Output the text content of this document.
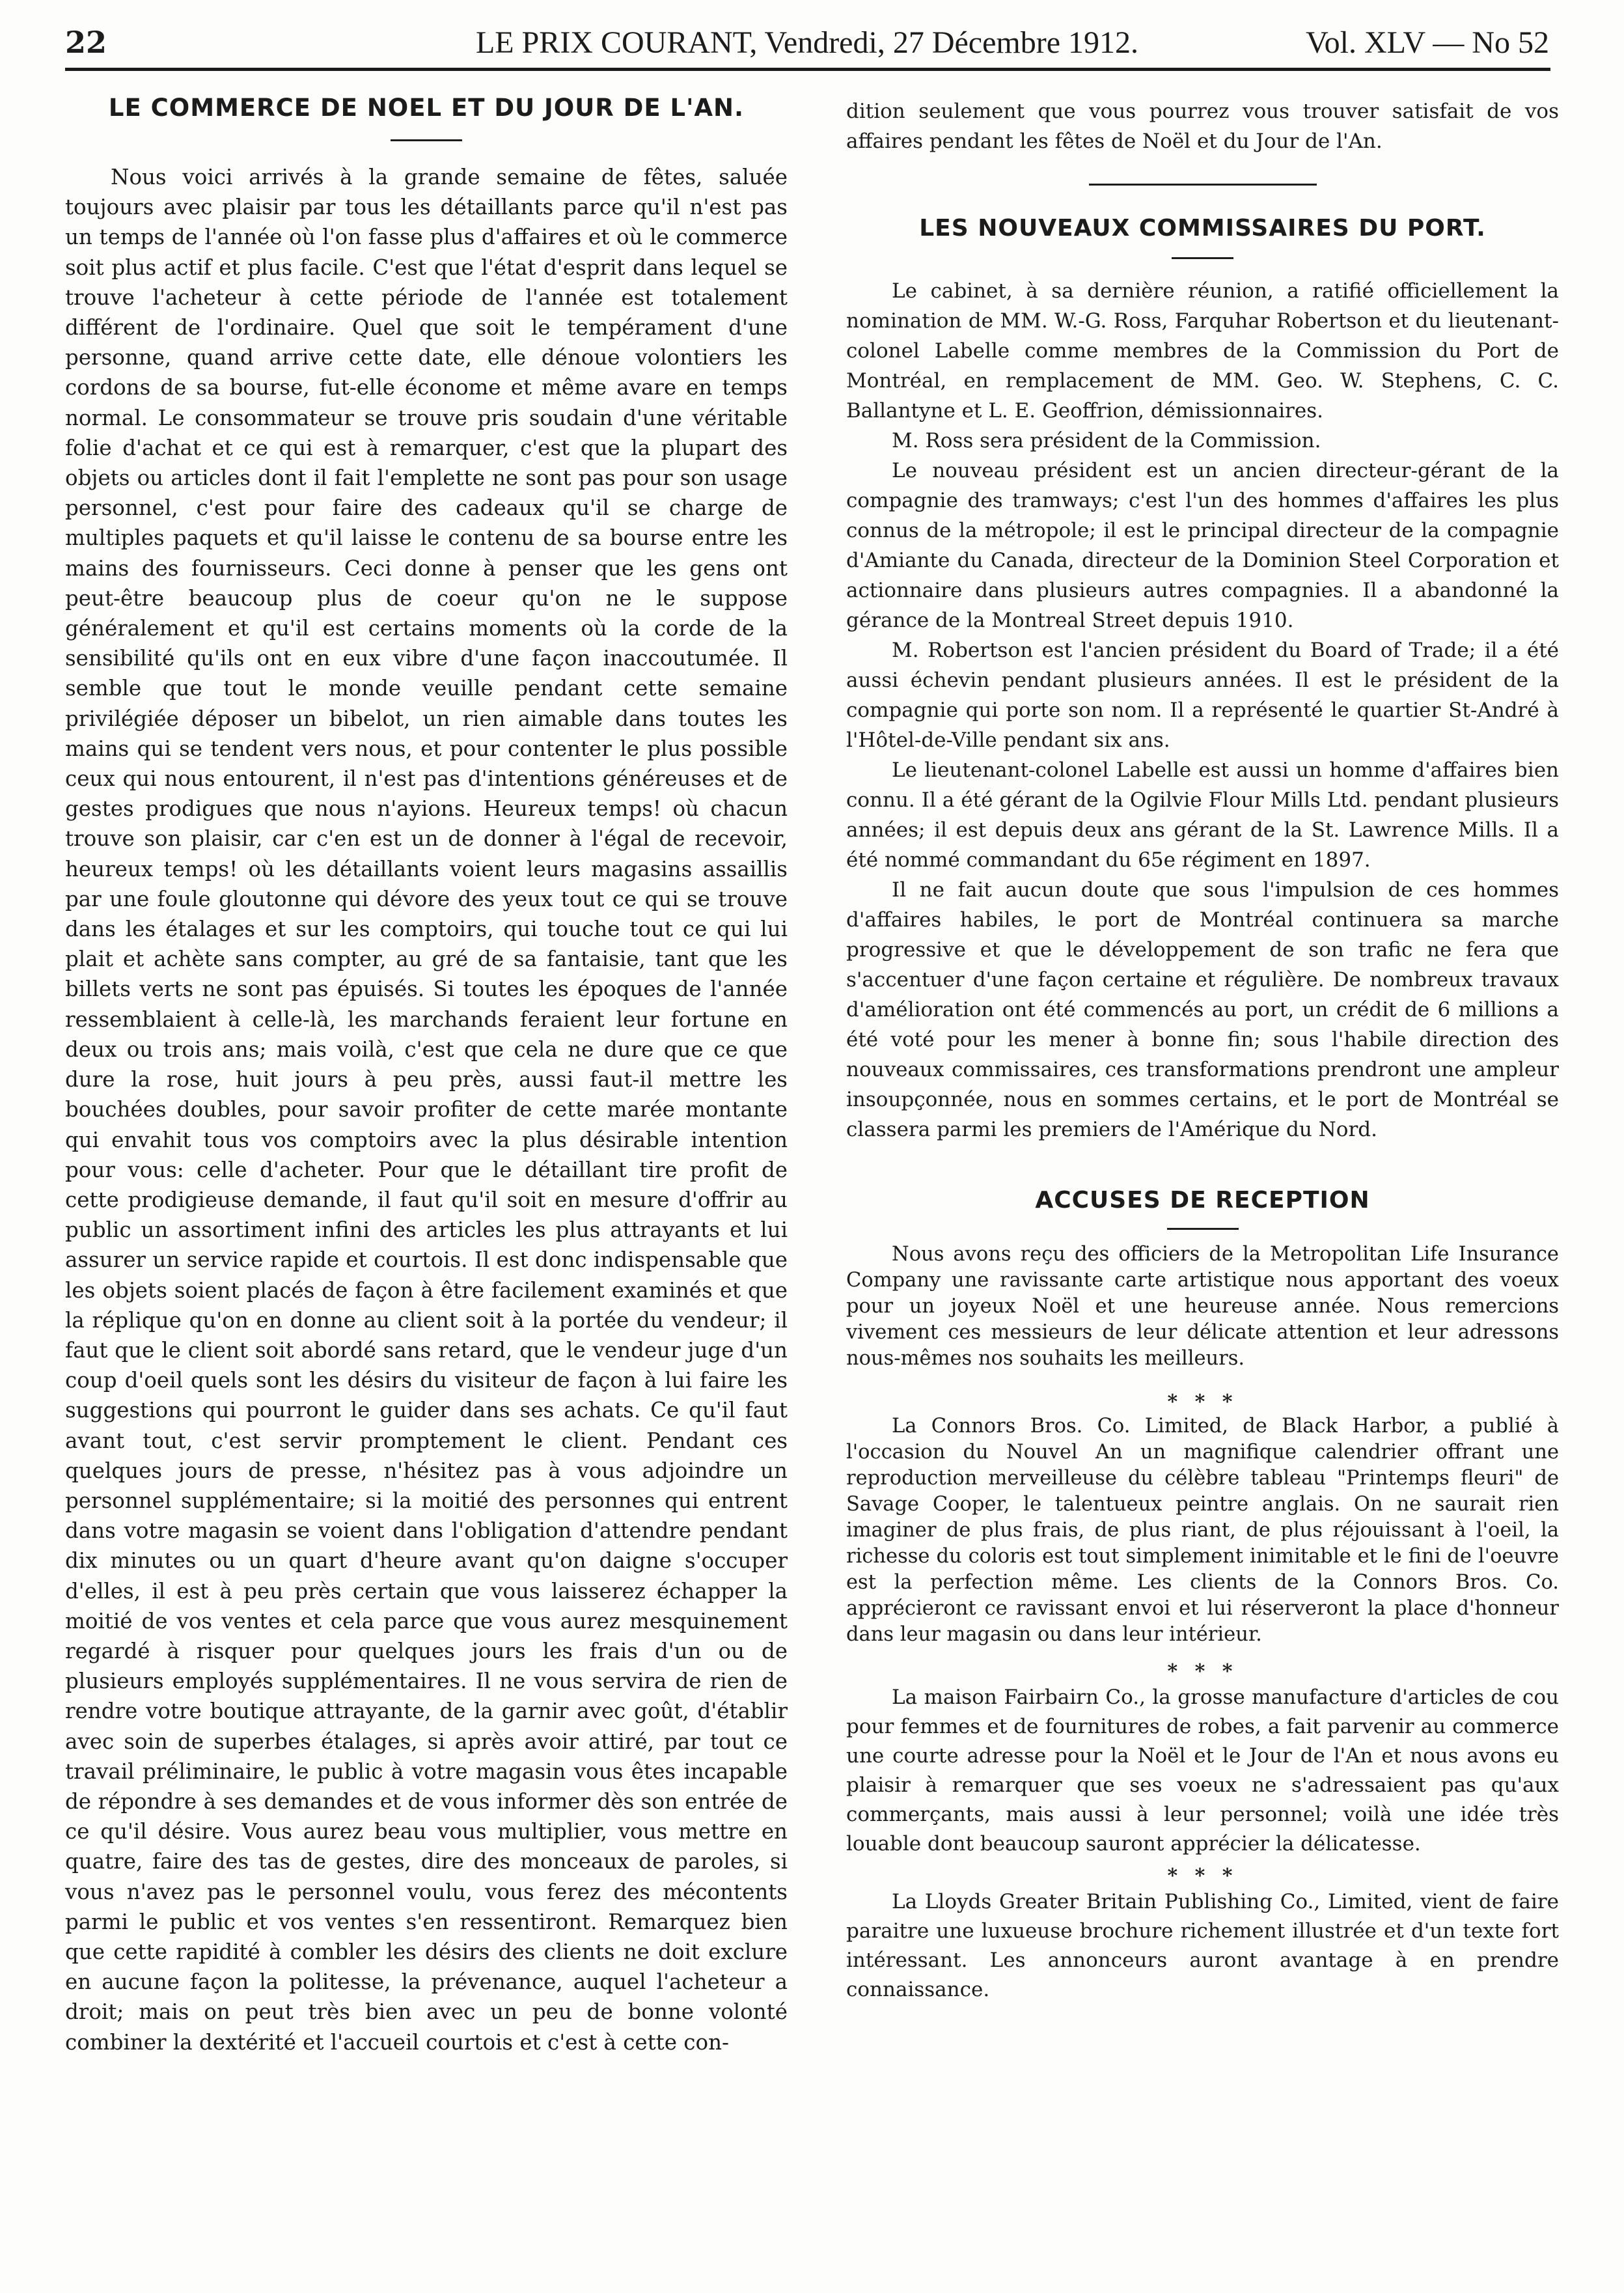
LE PRIX COURANT, Vendredi, 27 Décembre 1912.
22	Vol. XLV — No 52
LE COMMERCE DE NOEL ET DU JOUR DE L'AN.

Nous voici arrivés à la grande semaine de fêtes, saluée toujours avec plaisir par tous les détaillants parce qu'il n'est pas un temps de l'année où l'on fasse plus d'affaires et où le commerce soit plus actif et plus facile. C'est que l'état d'esprit dans lequel se trouve l'acheteur à cette période de l'année est totalement différent de l'ordinaire. Quel que soit le tempérament d'une personne, quand arrive cette date, elle dénoue volontiers les cordons de sa bourse, fut-elle économe et même avare en temps normal. Le consommateur se trouve pris soudain d'une véritable folie d'achat et ce qui est à remarquer, c'est que la plupart des objets ou articles dont il fait l'emplette ne sont pas pour son usage personnel, c'est pour faire des cadeaux qu'il se charge de multiples paquets et qu'il laisse le contenu de sa bourse entre les mains des fournisseurs. Ceci donne à penser que les gens ont peut-être beaucoup plus de coeur qu'on ne le suppose généralement et qu'il est certains moments où la corde de la sensibilité qu'ils ont en eux vibre d'une façon inaccoutumée. Il semble que tout le monde veuille pendant cette semaine privilégiée déposer un bibelot, un rien aimable dans toutes les mains qui se tendent vers nous, et pour contenter le plus possible ceux qui nous entourent, il n'est pas d'intentions généreuses et de gestes prodigues que nous n'ayions. Heureux temps! où chacun trouve son plaisir, car c'en est un de donner à l'égal de recevoir, heureux temps! où les détaillants voient leurs magasins assaillis par une foule gloutonne qui dévore des yeux tout ce qui se trouve dans les étalages et sur les comptoirs, qui touche tout ce qui lui plait et achète sans compter, au gré de sa fantaisie, tant que les billets verts ne sont pas épuisés. Si toutes les époques de l'année ressemblaient à celle-là, les marchands feraient leur fortune en deux ou trois ans; mais voilà, c'est que cela ne dure que ce que dure la rose, huit jours à peu près, aussi faut-il mettre les bouchées doubles, pour savoir profiter de cette marée montante qui envahit tous vos comptoirs avec la plus désirable intention pour vous: celle d'acheter. Pour que le détaillant tire profit de cette prodigieuse demande, il faut qu'il soit en mesure d'offrir au public un assortiment infini des articles les plus attrayants et lui assurer un service rapide et courtois. Il est donc indispensable que les objets soient placés de façon à être facilement examinés et que la réplique qu'on en donne au client soit à la portée du vendeur; il faut que le client soit abordé sans retard, que le vendeur juge d'un coup d'oeil quels sont les désirs du visiteur de façon à lui faire les suggestions qui pourront le guider dans ses achats. Ce qu'il faut avant tout, c'est servir promptement le client. Pendant ces quelques jours de presse, n'hésitez pas à vous adjoindre un personnel supplémentaire; si la moitié des personnes qui entrent dans votre magasin se voient dans l'obligation d'attendre pendant dix minutes ou un quart d'heure avant qu'on daigne s'occuper d'elles, il est à peu près certain que vous laisserez échapper la moitié de vos ventes et cela parce que vous aurez mesquinement regardé à risquer pour quelques jours les frais d'un ou de plusieurs employés supplémentaires. Il ne vous servira de rien de rendre votre boutique attrayante, de la garnir avec goût, d'établir avec soin de superbes étalages, si après avoir attiré, par tout ce travail préliminaire, le public à votre magasin vous êtes incapable de répondre à ses demandes et de vous informer dès son entrée de ce qu'il désire. Vous aurez beau vous multiplier, vous mettre en quatre, faire des tas de gestes, dire des monceaux de paroles, si vous n'avez pas le personnel voulu, vous ferez des mécontents parmi le public et vos ventes s'en ressentiront. Remarquez bien que cette rapidité à combler les désirs des clients ne doit exclure en aucune façon la politesse, la prévenance, auquel l'acheteur a droit; mais on peut très bien avec un peu de bonne volonté combiner la dextérité et l'accueil courtois et c'est à cette con-

dition seulement que vous pourrez vous trouver satisfait de vos affaires pendant les fêtes de Noël et du Jour de l'An.

LES NOUVEAUX COMMISSAIRES DU PORT.

Le cabinet, à sa dernière réunion, a ratifié officiellement la nomination de MM. W.-G. Ross, Farquhar Robertson et du lieutenant-colonel Labelle comme membres de la Commission du Port de Montréal, en remplacement de MM. Geo. W. Stephens, C. C. Ballantyne et L. E. Geoffrion, démissionnaires.

M. Ross sera président de la Commission.

Le nouveau président est un ancien directeur-gérant de la compagnie des tramways; c'est l'un des hommes d'affaires les plus connus de la métropole; il est le principal directeur de la compagnie d'Amiante du Canada, directeur de la Dominion Steel Corporation et actionnaire dans plusieurs autres compagnies. Il a abandonné la gérance de la Montreal Street depuis 1910.

M. Robertson est l'ancien président du Board of Trade; il a été aussi échevin pendant plusieurs années. Il est le président de la compagnie qui porte son nom. Il a représenté le quartier St-André à l'Hôtel-de-Ville pendant six ans.

Le lieutenant-colonel Labelle est aussi un homme d'affaires bien connu. Il a été gérant de la Ogilvie Flour Mills Ltd. pendant plusieurs années; il est depuis deux ans gérant de la St. Lawrence Mills. Il a été nommé commandant du 65e régiment en 1897.

Il ne fait aucun doute que sous l'impulsion de ces hommes d'affaires habiles, le port de Montréal continuera sa marche progressive et que le développement de son trafic ne fera que s'accentuer d'une façon certaine et régulière. De nombreux travaux d'amélioration ont été commencés au port, un crédit de 6 millions a été voté pour les mener à bonne fin; sous l'habile direction des nouveaux commissaires, ces transformations prendront une ampleur insoupçonnée, nous en sommes certains, et le port de Montréal se classera parmi les premiers de l'Amérique du Nord.

ACCUSES DE RECEPTION

Nous avons reçu des officiers de la Metropolitan Life Insurance Company une ravissante carte artistique nous apportant des voeux pour un joyeux Noël et une heureuse année. Nous remercions vivement ces messieurs de leur délicate attention et leur adressons nous-mêmes nos souhaits les meilleurs.

* * *

La Connors Bros. Co. Limited, de Black Harbor, a publié à l'occasion du Nouvel An un magnifique calendrier offrant une reproduction merveilleuse du célèbre tableau "Printemps fleuri" de Savage Cooper, le talentueux peintre anglais. On ne saurait rien imaginer de plus frais, de plus riant, de plus réjouissant à l'oeil, la richesse du coloris est tout simplement inimitable et le fini de l'oeuvre est la perfection même. Les clients de la Connors Bros. Co. apprécieront ce ravissant envoi et lui réserveront la place d'honneur dans leur magasin ou dans leur intérieur.

* * *

La maison Fairbairn Co., la grosse manufacture d'articles de cou pour femmes et de fournitures de robes, a fait parvenir au commerce une courte adresse pour la Noël et le Jour de l'An et nous avons eu plaisir à remarquer que ses voeux ne s'adressaient pas qu'aux commerçants, mais aussi à leur personnel; voilà une idée très louable dont beaucoup sauront apprécier la délicatesse.

* * *

La Lloyds Greater Britain Publishing Co., Limited, vient de faire paraitre une luxueuse brochure richement illustrée et d'un texte fort intéressant. Les annonceurs auront avantage à en prendre connaissance.
